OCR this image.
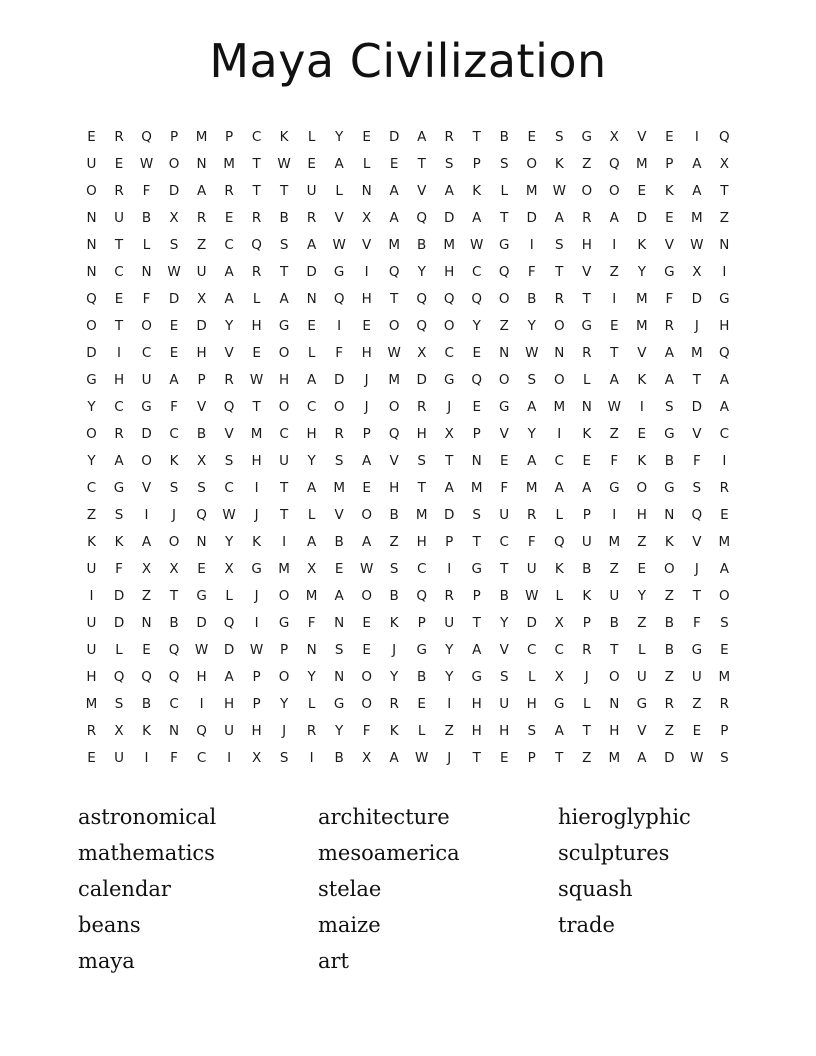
Maya Civilization
E	R	Q	P	M	P	C	K	L	Y	E	D	A	R	T	B	E	S	G	X	V	E	I	Q
U	E	W	O	N	M	T	W	E	A	L	E	T	S	P	S	O	K	Z	Q	M	P	A	X
O	R	F	D	A	R	T	T	U	L	N	A	V	A	K	L	M	W	O	O	E	K	A	T
N	U	B	X	R	E	R	B	R	V	X	A	Q	D	A	T	D	A	R	A	D	E	M	Z
N	T	L	S	Z	C	Q	S	A	W	V	M	B	M	W	G	I	S	H	I	K	V	W	N
N	C	N	W	U	A	R	T	D	G	I	Q	Y	H	C	Q	F	T	V	Z	Y	G	X	I
Q	E	F	D	X	A	L	A	N	Q	H	T	Q	Q	Q	O	B	R	T	I	M	F	D	G
O	T	O	E	D	Y	H	G	E	I	E	O	Q	O	Y	Z	Y	O	G	E	M	R	J	H
D	I	C	E	H	V	E	O	L	F	H	W	X	C	E	N	W	N	R	T	V	A	M	Q
G	H	U	A	P	R	W	H	A	D	J	M	D	G	Q	O	S	O	L	A	K	A	T	A
Y	C	G	F	V	Q	T	O	C	O	J	O	R	J	E	G	A	M	N	W	I	S	D	A
O	R	D	C	B	V	M	C	H	R	P	Q	H	X	P	V	Y	I	K	Z	E	G	V	C
Y	A	O	K	X	S	H	U	Y	S	A	V	S	T	N	E	A	C	E	F	K	B	F	I
C	G	V	S	S	C	I	T	A	M	E	H	T	A	M	F	M	A	A	G	O	G	S	R
Z	S	I	J	Q	W	J	T	L	V	O	B	M	D	S	U	R	L	P	I	H	N	Q	E
K	K	A	O	N	Y	K	I	A	B	A	Z	H	P	T	C	F	Q	U	M	Z	K	V	M
U	F	X	X	E	X	G	M	X	E	W	S	C	I	G	T	U	K	B	Z	E	O	J	A
I	D	Z	T	G	L	J	O	M	A	O	B	Q	R	P	B	W	L	K	U	Y	Z	T	O
U	D	N	B	D	Q	I	G	F	N	E	K	P	U	T	Y	D	X	P	B	Z	B	F	S
U	L	E	Q	W	D	W	P	N	S	E	J	G	Y	A	V	C	C	R	T	L	B	G	E
H	Q	Q	Q	H	A	P	O	Y	N	O	Y	B	Y	G	S	L	X	J	O	U	Z	U	M
M	S	B	C	I	H	P	Y	L	G	O	R	E	I	H	U	H	G	L	N	G	R	Z	R
R	X	K	N	Q	U	H	J	R	Y	F	K	L	Z	H	H	S	A	T	H	V	Z	E	P
E	U	I	F	C	I	X	S	I	B	X	A	W	J	T	E	P	T	Z	M	A	D	W	S
astronomical
mathematics
calendar
beans
maya
architecture
mesoamerica
stelae
maize
art
hieroglyphic
sculptures
squash
trade
